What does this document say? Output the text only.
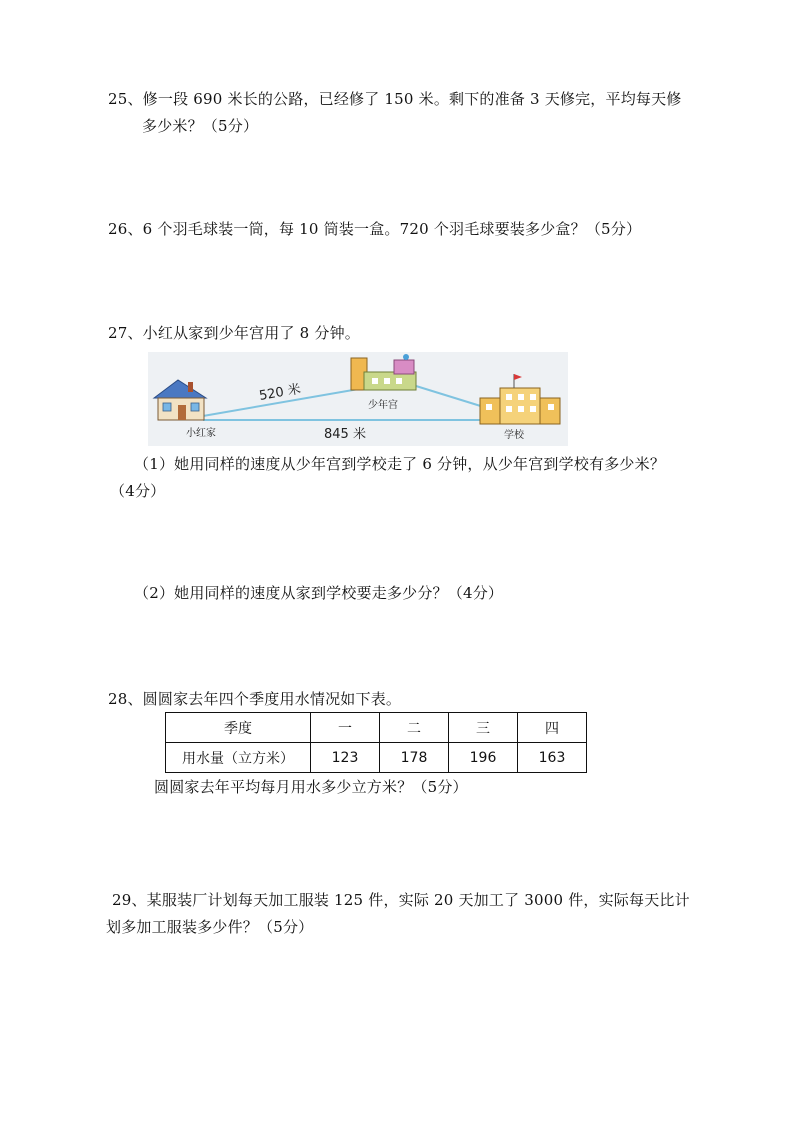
25、修一段 690 米长的公路，已经修了 150 米。剩下的准备 3 天修完，平均每天修
多少米？（5分）
26、6 个羽毛球装一筒，每 10 筒装一盒。720 个羽毛球要装多少盒？（5分）
27、小红从家到少年宫用了 8 分钟。
520 米
845 米
小红家
少年宫
学校
（1）她用同样的速度从少年宫到学校走了 6 分钟，从少年宫到学校有多少米？
（4分）
（2）她用同样的速度从家到学校要走多少分？（4分）
28、圆圆家去年四个季度用水情况如下表。
季度	一	二	三	四
用水量（立方米）	123	178	196	163
圆圆家去年平均每月用水多少立方米？（5分）
29、某服装厂计划每天加工服装 125 件，实际 20 天加工了 3000 件，实际每天比计
划多加工服装多少件？（5分）
